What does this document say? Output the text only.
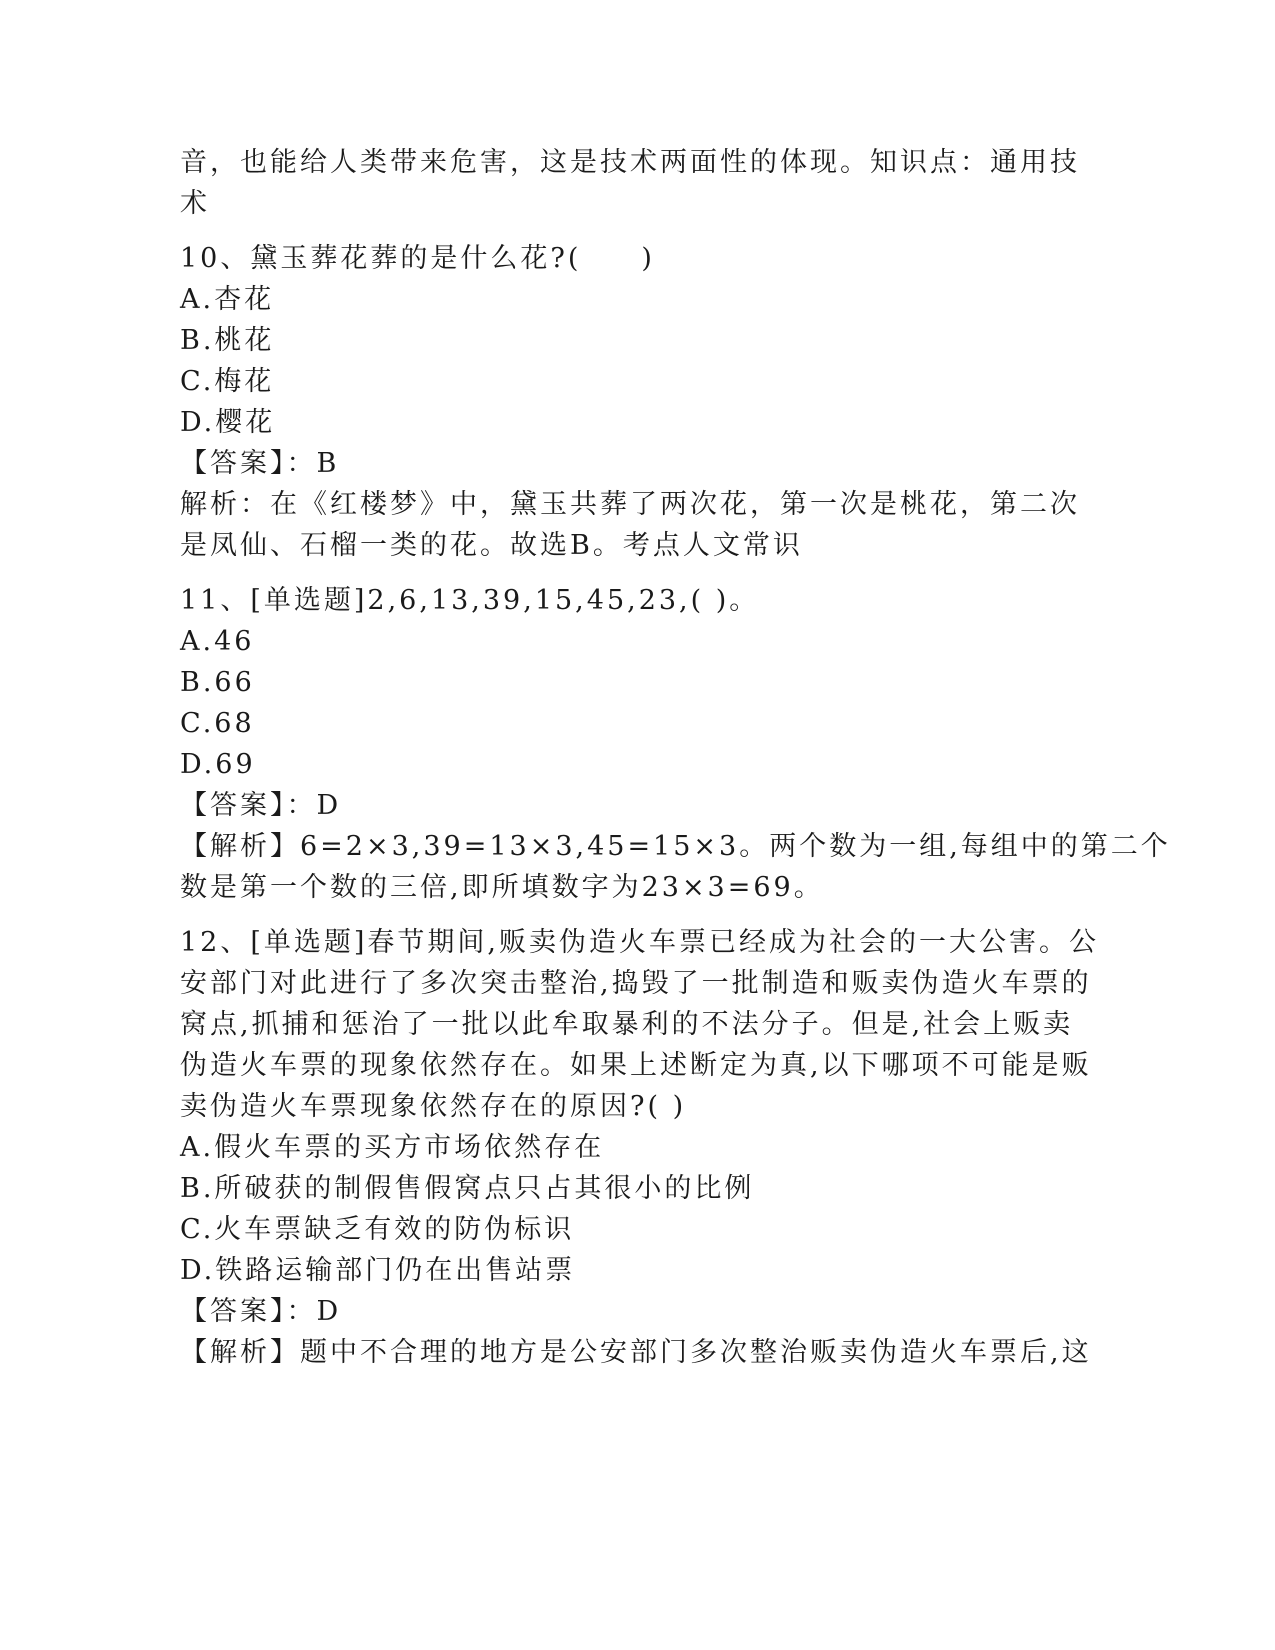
音，也能给人类带来危害，这是技术两面性的体现。知识点：通用技
术
10、黛玉葬花葬的是什么花?(　　)
A.杏花
B.桃花
C.梅花
D.樱花
【答案】：B
解析：在《红楼梦》中，黛玉共葬了两次花，第一次是桃花，第二次
是凤仙、石榴一类的花。故选B。考点人文常识
11、[单选题]2,6,13,39,15,45,23,( )。
A.46
B.66
C.68
D.69
【答案】：D
【解析】6=2×3,39=13×3,45=15×3。两个数为一组,每组中的第二个
数是第一个数的三倍,即所填数字为23×3=69。
12、[单选题]春节期间,贩卖伪造火车票已经成为社会的一大公害。公
安部门对此进行了多次突击整治,捣毁了一批制造和贩卖伪造火车票的
窝点,抓捕和惩治了一批以此牟取暴利的不法分子。但是,社会上贩卖
伪造火车票的现象依然存在。如果上述断定为真,以下哪项不可能是贩
卖伪造火车票现象依然存在的原因?( )
A.假火车票的买方市场依然存在
B.所破获的制假售假窝点只占其很小的比例
C.火车票缺乏有效的防伪标识
D.铁路运输部门仍在出售站票
【答案】：D
【解析】题中不合理的地方是公安部门多次整治贩卖伪造火车票后,这
